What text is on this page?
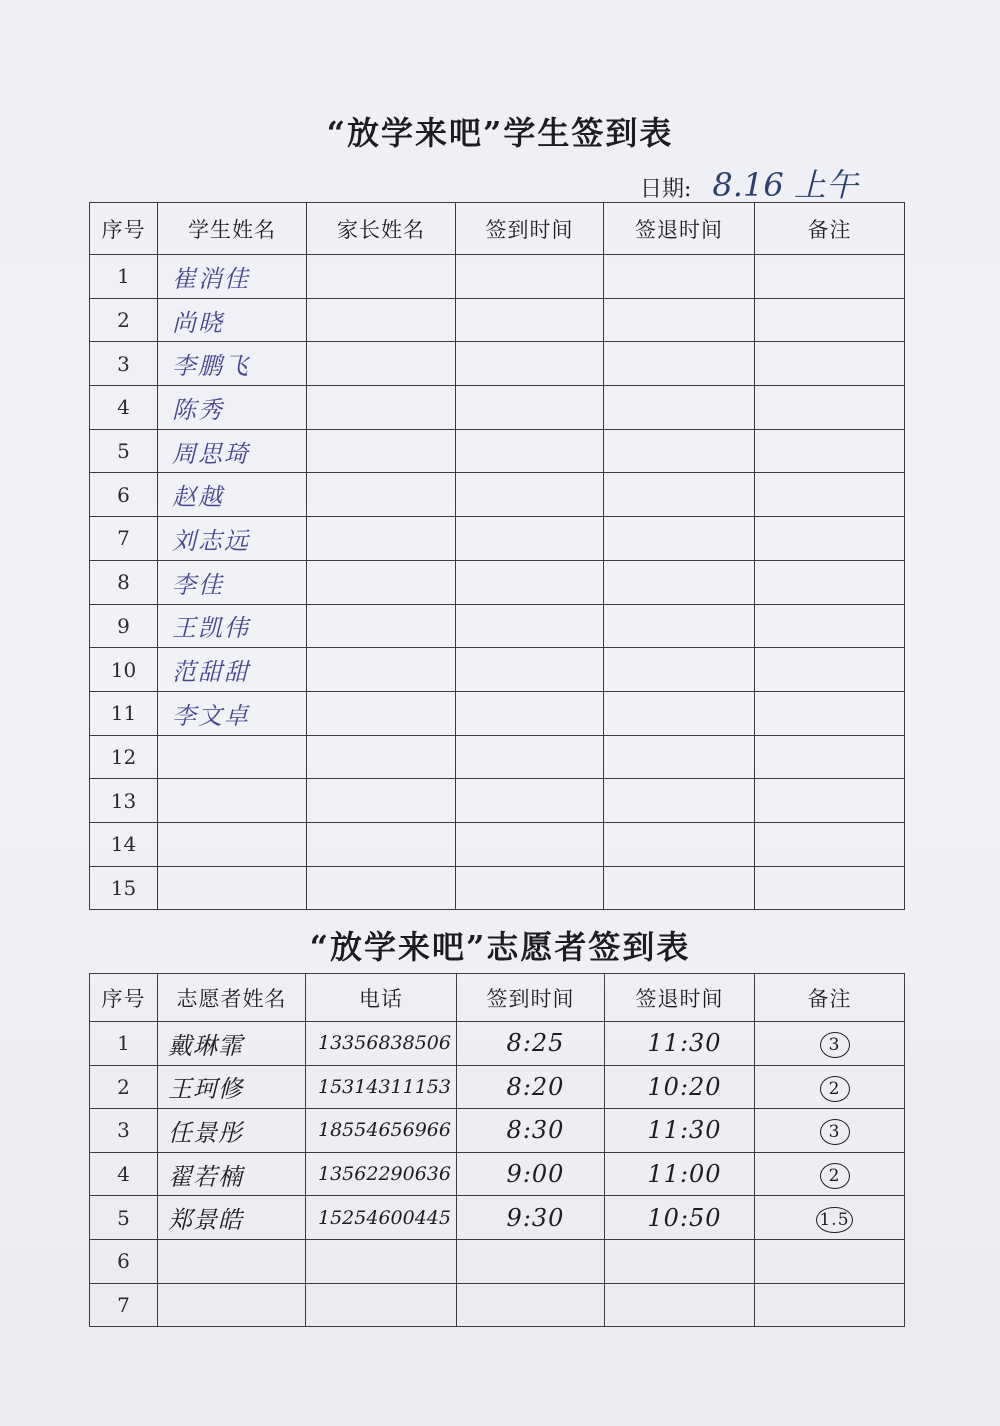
“放学来吧”学生签到表
日期: 8.16 上午
序号	学生姓名	家长姓名	签到时间	签退时间	备注
1	崔消佳				
2	尚晓				
3	李鹏飞				
4	陈秀				
5	周思琦				
6	赵越				
7	刘志远				
8	李佳				
9	王凯伟				
10	范甜甜				
11	李文卓				
12					
13					
14					
15					
“放学来吧”志愿者签到表
序号	志愿者姓名	电话	签到时间	签退时间	备注
1	戴琳霏	13356838506	8:25	11:30	3
2	王珂修	15314311153	8:20	10:20	2
3	任景彤	18554656966	8:30	11:30	3
4	翟若楠	13562290636	9:00	11:00	2
5	郑景皓	15254600445	9:30	10:50	1.5
6					
7					
